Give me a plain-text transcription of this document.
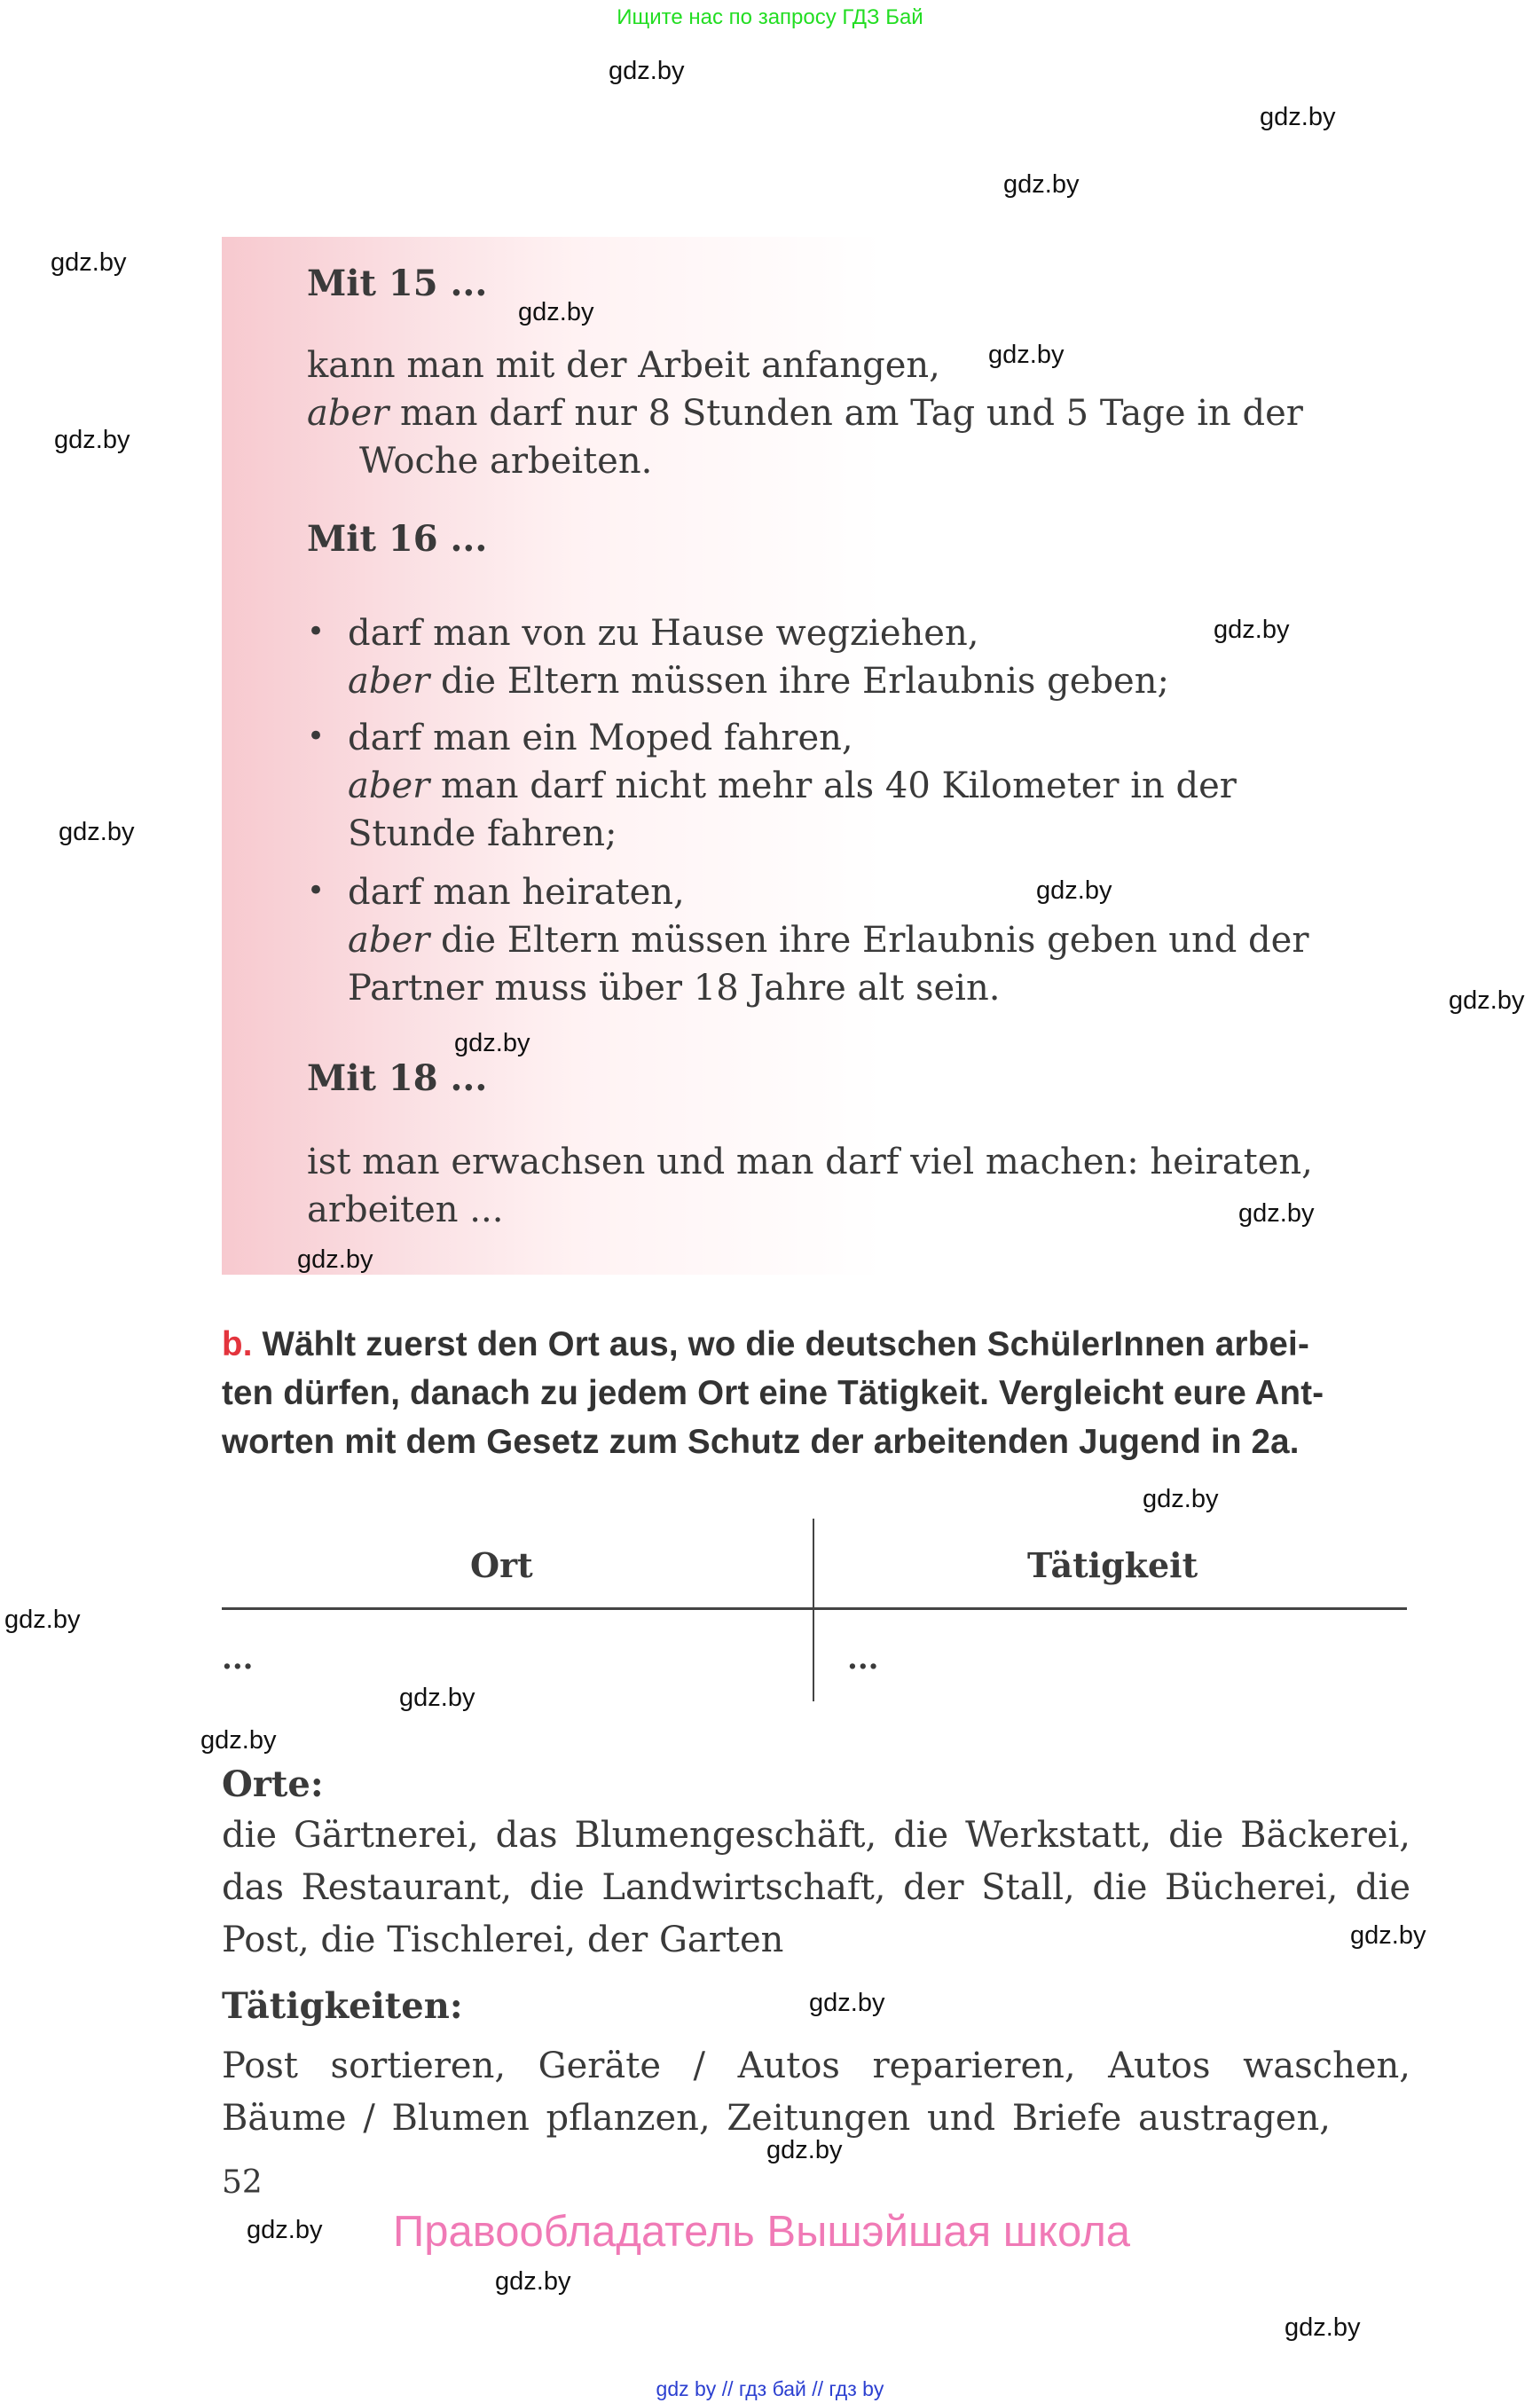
Ищите нас по запросу ГДЗ Бай
gdz.by
gdz.by
gdz.by
gdz.by
gdz.by
gdz.by
gdz.by
gdz.by
gdz.by
gdz.by
gdz.by
gdz.by
gdz.by
gdz.by
gdz.by
Mit 15 ...
kann man mit der Arbeit anfangen,
aber man darf nur 8 Stunden am Tag und 5 Tage in der
Woche arbeiten.
Mit 16 ...
• darf man von zu Hause wegziehen,
aber die Eltern müssen ihre Erlaubnis geben;
• darf man ein Moped fahren,
aber man darf nicht mehr als 40 Kilometer in der
Stunde fahren;
• darf man heiraten,
aber die Eltern müssen ihre Erlaubnis geben und der
Partner muss über 18 Jahre alt sein.
Mit 18 ...
ist man erwachsen und man darf viel machen: heiraten,
arbeiten ...
b. Wählt zuerst den Ort aus, wo die deutschen SchülerInnen arbei-
ten dürfen, danach zu jedem Ort eine Tätigkeit. Vergleicht eure Ant-
worten mit dem Gesetz zum Schutz der arbeitenden Jugend in 2a.
gdz.by
Ort	Tätigkeit
...	...
gdz.by
gdz.by
Orte:
die Gärtnerei, das Blumengeschäft, die Werkstatt, die Bäckerei, das Restaurant, die Landwirtschaft, der Stall, die Bücherei, die Post, die Tischlerei, der Garten	gdz.by
Tätigkeiten:	gdz.by
Post sortieren, Geräte / Autos reparieren, Autos waschen, Bäume / Blumen pflanzen, Zeitungen und Briefe austragen,
gdz.by
52
gdz.by Правообладатель Вышэйшая школа
gdz.by
gdz.by
gdz by // гдз бай // гдз by
